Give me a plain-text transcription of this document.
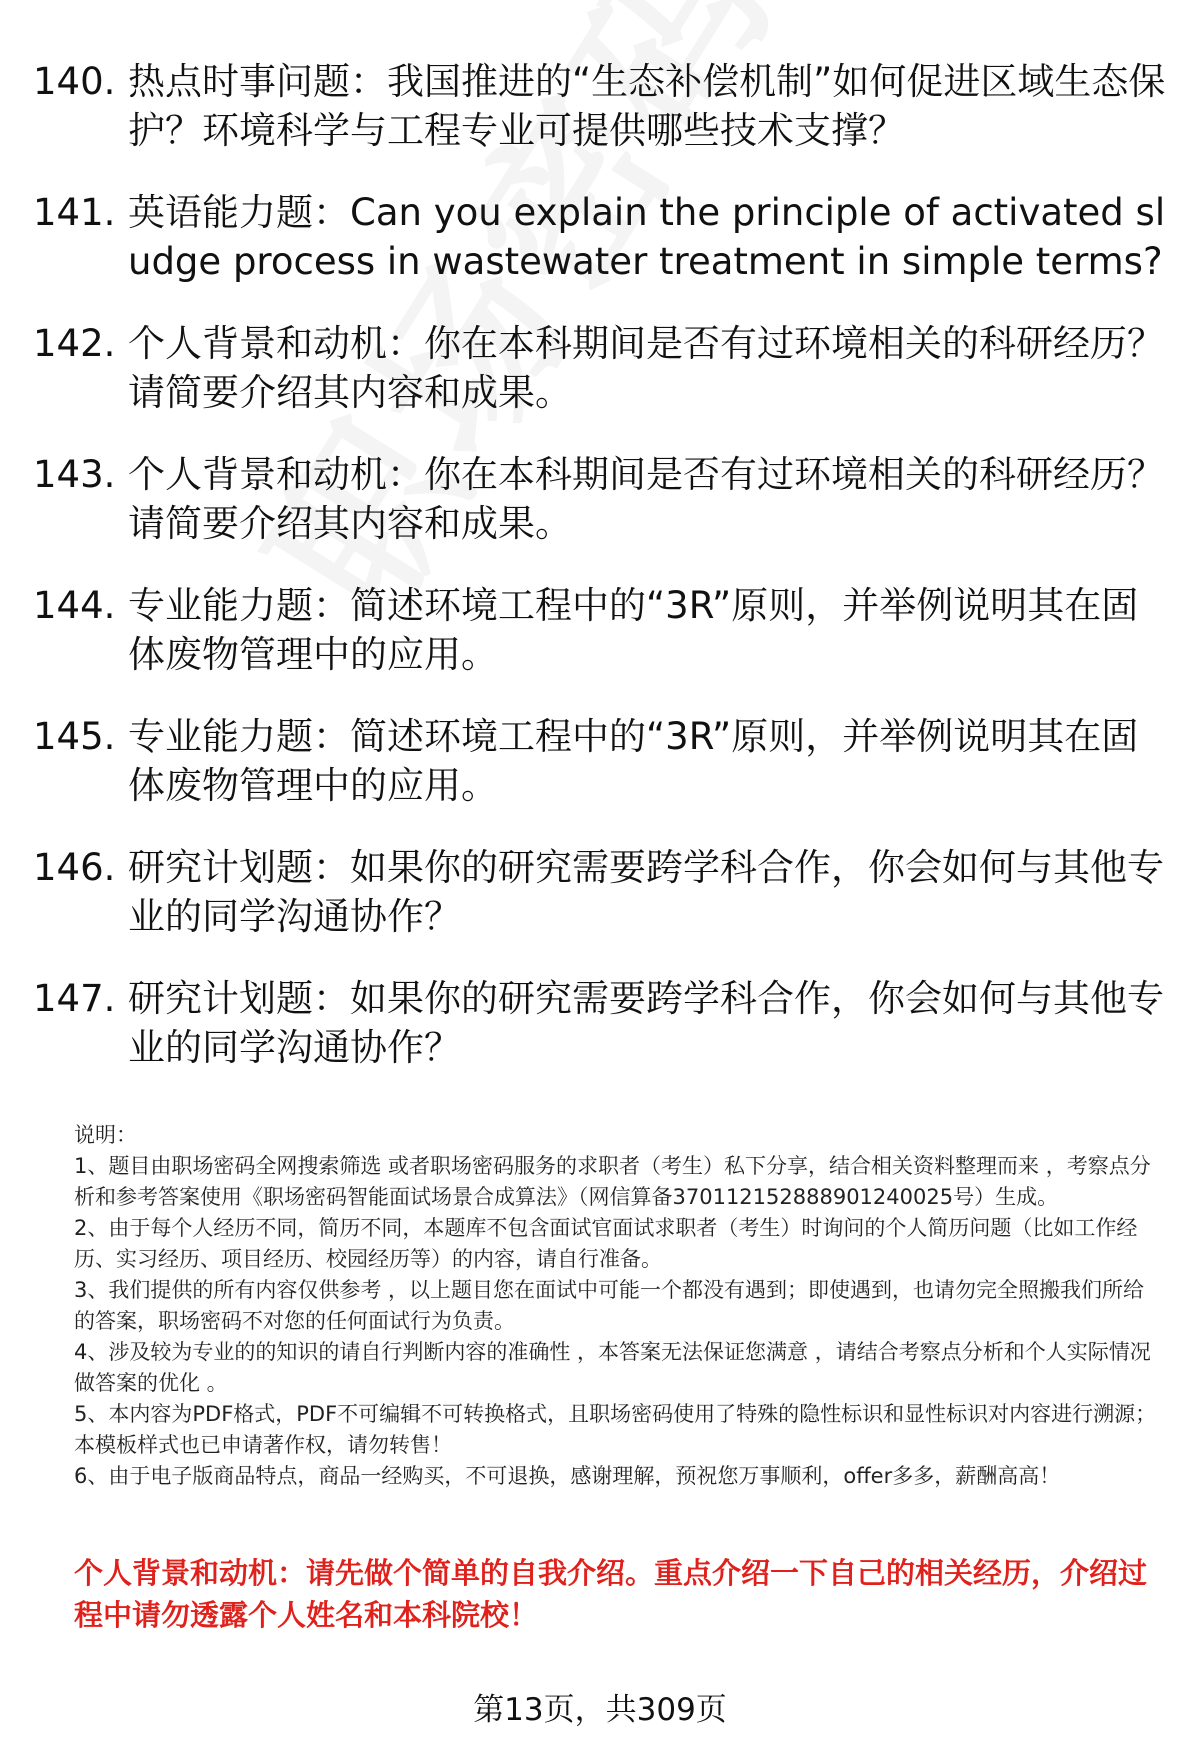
140. 热点时事问题：我国推进的“生态补偿机制”如何促进区域生态保护？环境科学与工程专业可提供哪些技术支撑？
141. 英语能力题：Can you explain the principle of activated sludge process in wastewater treatment in simple terms?
142. 个人背景和动机：你在本科期间是否有过环境相关的科研经历？请简要介绍其内容和成果。
143. 个人背景和动机：你在本科期间是否有过环境相关的科研经历？请简要介绍其内容和成果。
144. 专业能力题：简述环境工程中的“3R”原则，并举例说明其在固体废物管理中的应用。
145. 专业能力题：简述环境工程中的“3R”原则，并举例说明其在固体废物管理中的应用。
146. 研究计划题：如果你的研究需要跨学科合作，你会如何与其他专业的同学沟通协作？
147. 研究计划题：如果你的研究需要跨学科合作，你会如何与其他专业的同学沟通协作？

说明：

1、题目由职场密码全网搜索筛选 或者职场密码服务的求职者（考生）私下分享，结合相关资料整理而来 ，考察点分析和参考答案使用《职场密码智能面试场景合成算法》（网信算备370112152888901240025号）生成。

2、由于每个人经历不同，简历不同，本题库不包含面试官面试求职者（考生）时询问的个人简历问题（比如工作经历、实习经历、项目经历、校园经历等）的内容，请自行准备。

3、我们提供的所有内容仅供参考 ，以上题目您在面试中可能一个都没有遇到；即使遇到，也请勿完全照搬我们所给的答案，职场密码不对您的任何面试行为负责。

4、涉及较为专业的的知识的请自行判断内容的准确性 ，本答案无法保证您满意 ，请结合考察点分析和个人实际情况做答案的优化 。

5、本内容为PDF格式，PDF不可编辑不可转换格式，且职场密码使用了特殊的隐性标识和显性标识对内容进行溯源；本模板样式也已申请著作权，请勿转售！

6、由于电子版商品特点，商品一经购买，不可退换，感谢理解，预祝您万事顺利，offer多多，薪酬高高！

个人背景和动机：请先做个简单的自我介绍。重点介绍一下自己的相关经历，介绍过程中请勿透露个人姓名和本科院校！
第13页，共309页
